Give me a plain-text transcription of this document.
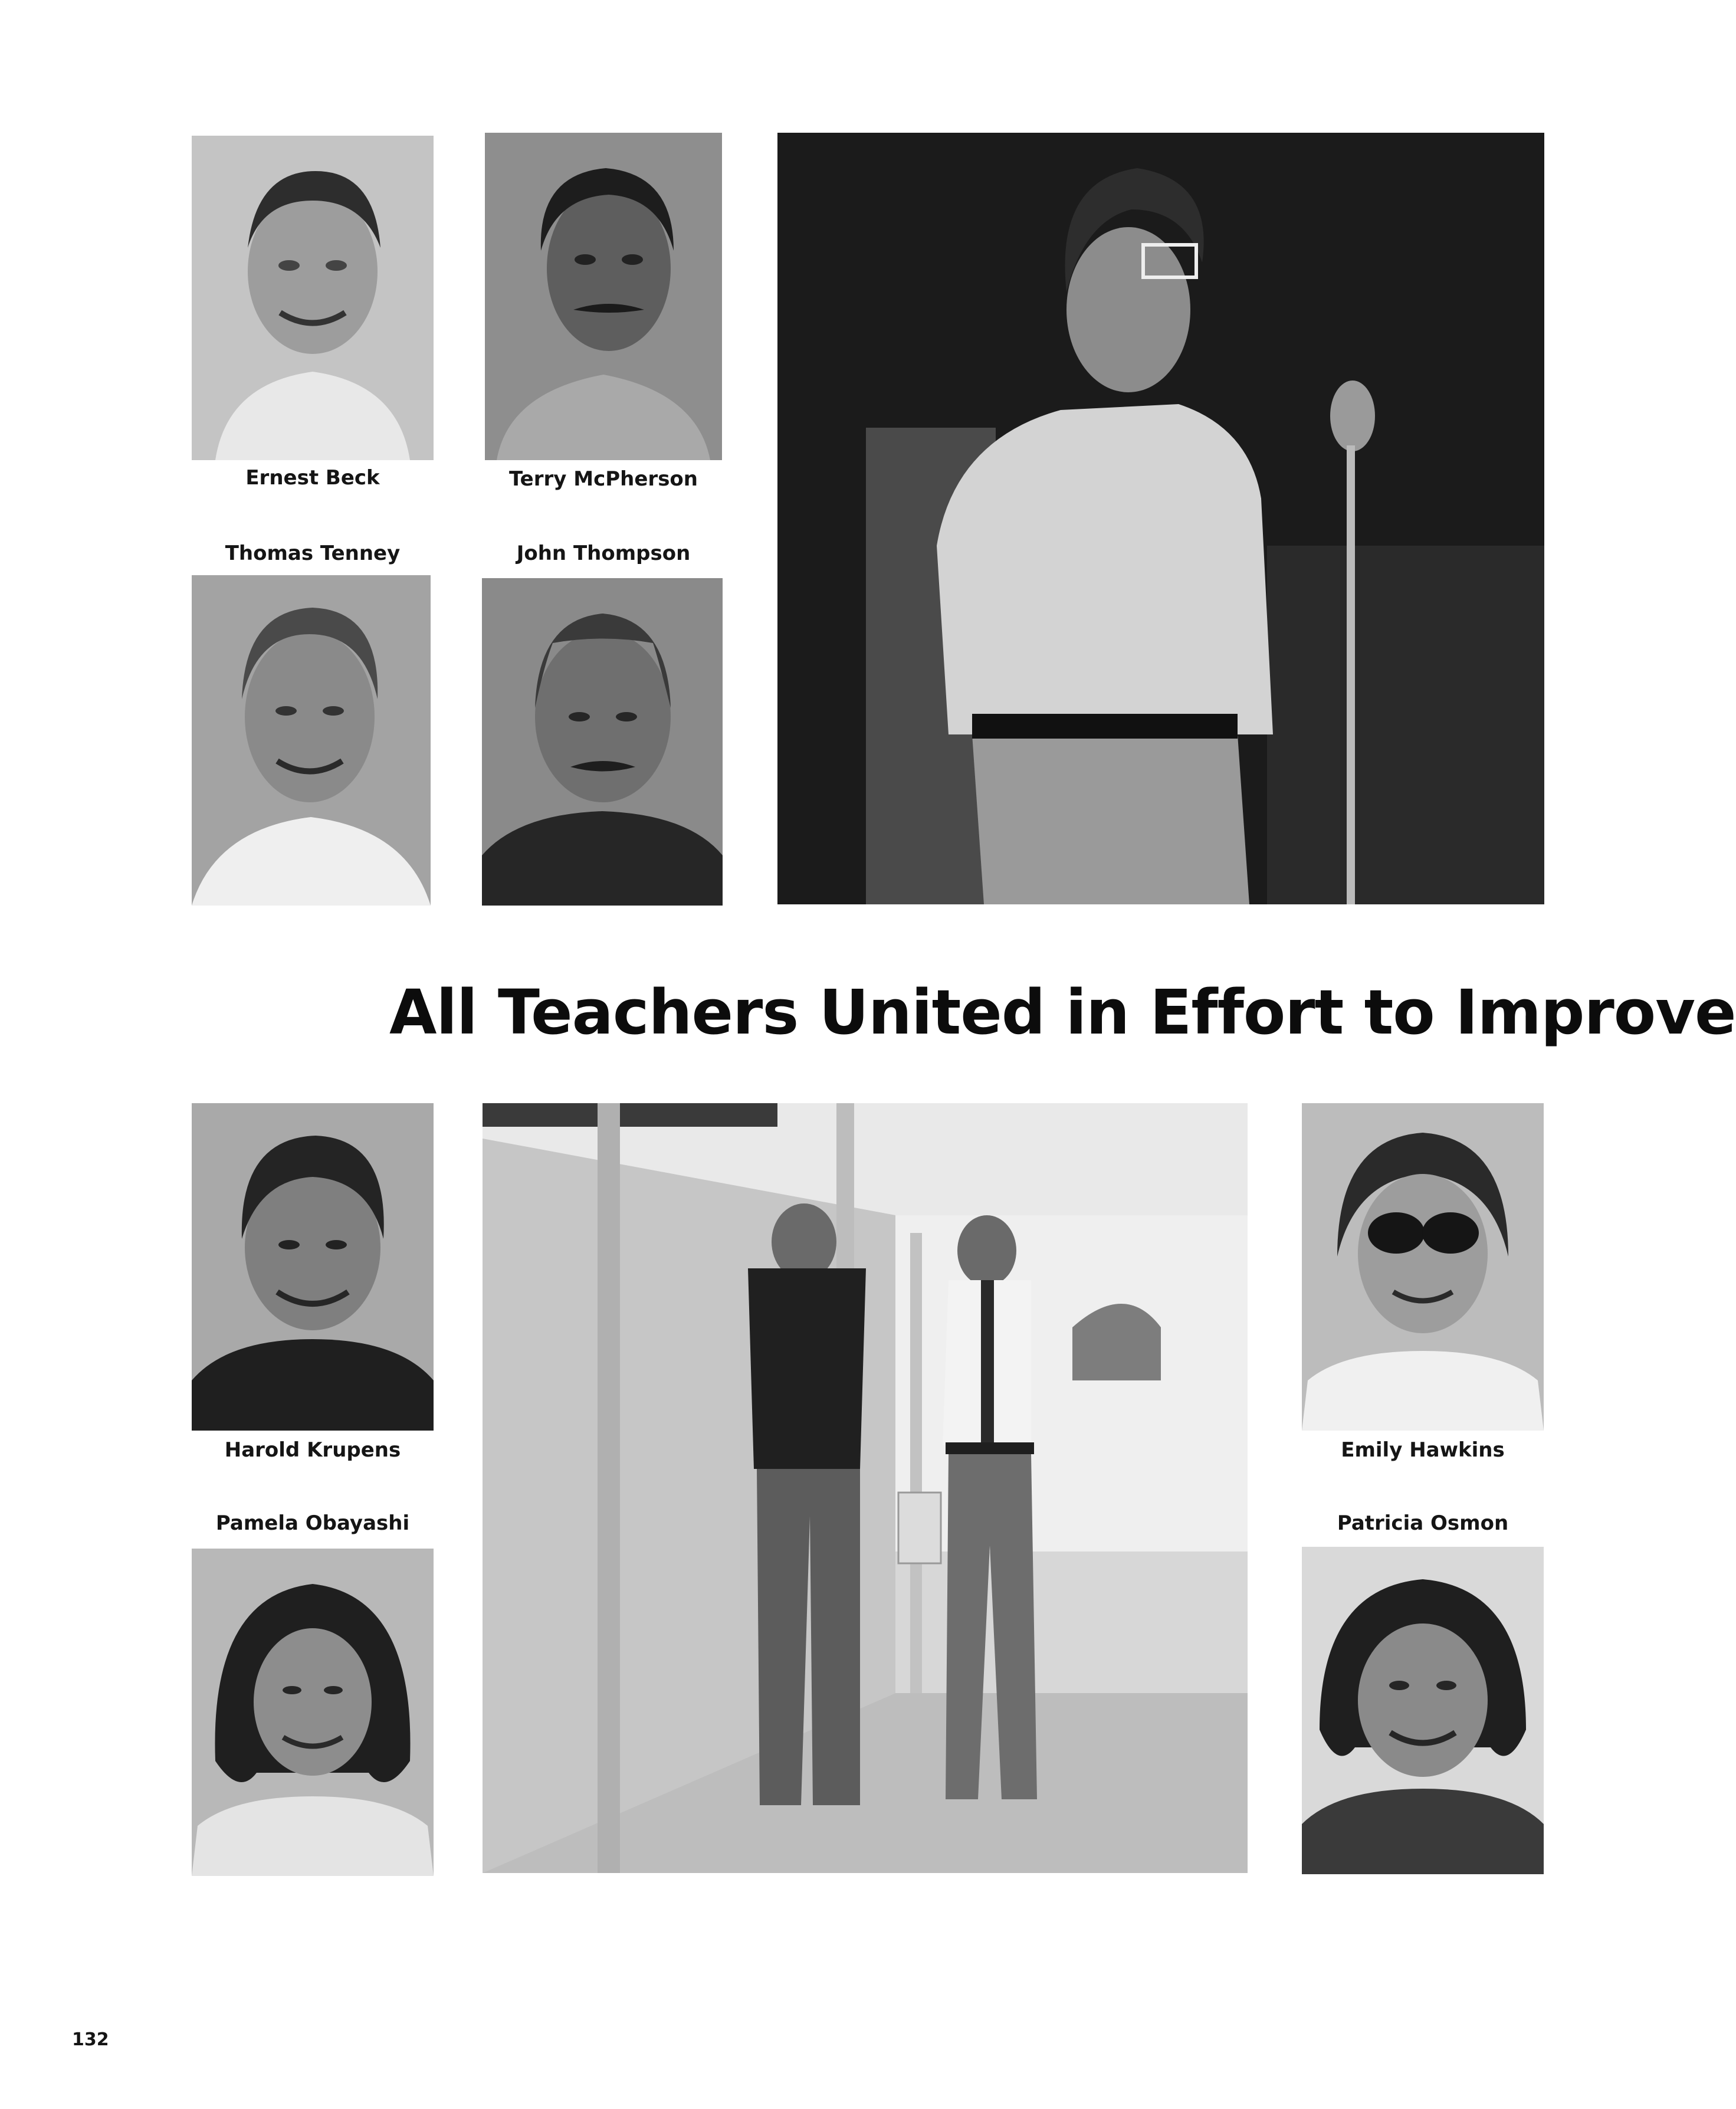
Ernest Beck	Terry McPherson
Thomas Tenney	John Thompson
All Teachers United in Effort to Improve
Harold Krupens
Pamela Obayashi
Emily Hawkins
Patricia Osmon
132
